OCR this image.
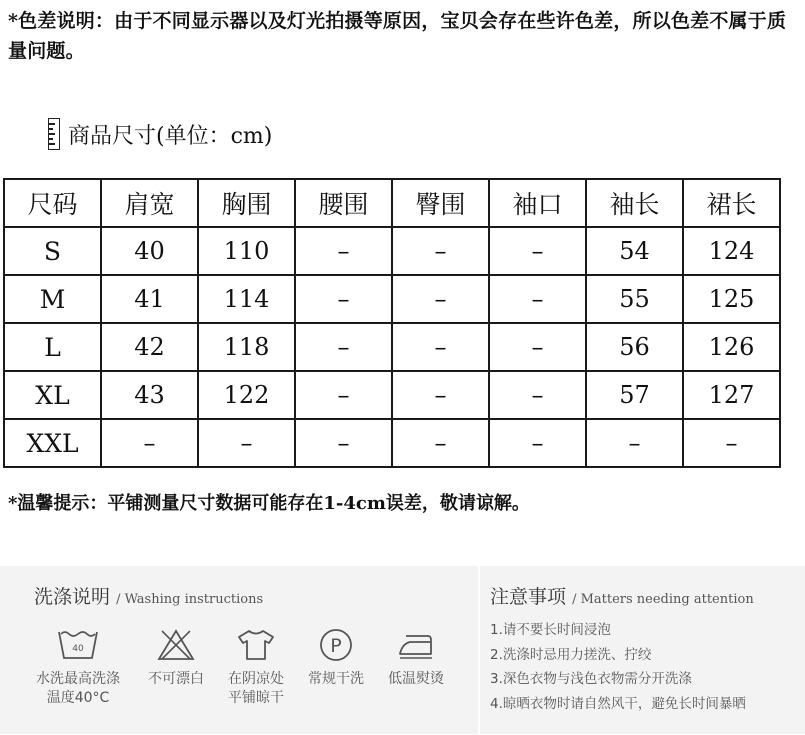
*色差说明：由于不同显示器以及灯光拍摄等原因，宝贝会存在些许色差，所以色差不属于质量问题。
商品尺寸(单位：cm)
尺码	肩宽	胸围	腰围	臀围	袖口	袖长	裙长
S	40	110	–	–	–	54	124
M	41	114	–	–	–	55	125
L	42	118	–	–	–	56	126
XL	43	122	–	–	–	57	127
XXL	–	–	–	–	–	–	–
*温馨提示：平铺测量尺寸数据可能存在1-4cm误差，敬请谅解。
洗涤说明 / Washing instructions
40
水洗最高洗涤
温度40°C
不可漂白	在阴凉处
平铺晾干
P
常规干洗	低温熨烫
注意事项 / Matters needing attention
1.请不要长时间浸泡
2.洗涤时忌用力搓洗、拧绞
3.深色衣物与浅色衣物需分开洗涤
4.晾晒衣物时请自然风干，避免长时间暴晒
